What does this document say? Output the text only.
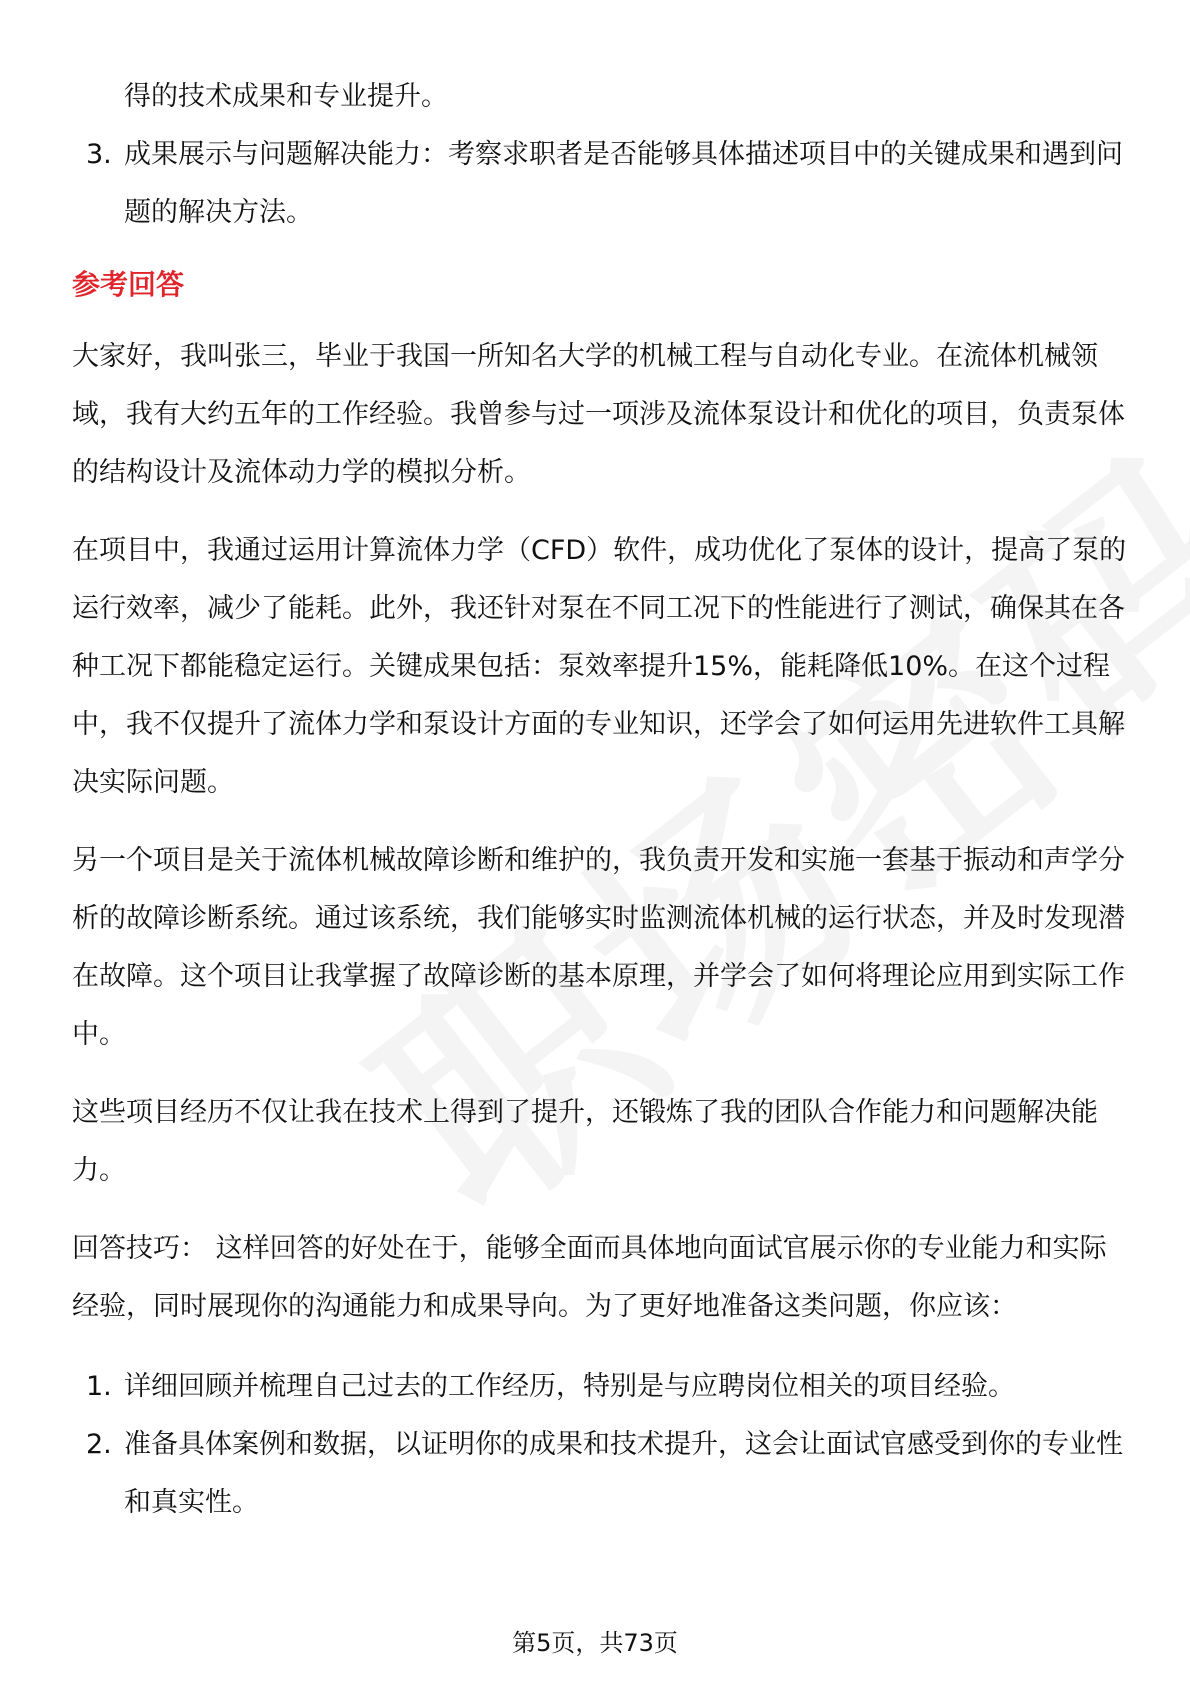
得的技术成果和专业提升。
3. 成果展示与问题解决能力：考察求职者是否能够具体描述项目中的关键成果和遇到问题的解决方法。
参考回答

大家好，我叫张三，毕业于我国一所知名大学的机械工程与自动化专业。在流体机械领域，我有大约五年的工作经验。我曾参与过一项涉及流体泵设计和优化的项目，负责泵体的结构设计及流体动力学的模拟分析。

在项目中，我通过运用计算流体力学（CFD）软件，成功优化了泵体的设计，提高了泵的运行效率，减少了能耗。此外，我还针对泵在不同工况下的性能进行了测试，确保其在各种工况下都能稳定运行。关键成果包括：泵效率提升15%，能耗降低10%。在这个过程中，我不仅提升了流体力学和泵设计方面的专业知识，还学会了如何运用先进软件工具解决实际问题。

另一个项目是关于流体机械故障诊断和维护的，我负责开发和实施一套基于振动和声学分析的故障诊断系统。通过该系统，我们能够实时监测流体机械的运行状态，并及时发现潜在故障。这个项目让我掌握了故障诊断的基本原理，并学会了如何将理论应用到实际工作中。

这些项目经历不仅让我在技术上得到了提升，还锻炼了我的团队合作能力和问题解决能力。

回答技巧： 这样回答的好处在于，能够全面而具体地向面试官展示你的专业能力和实际经验，同时展现你的沟通能力和成果导向。为了更好地准备这类问题，你应该：

1. 详细回顾并梳理自己过去的工作经历，特别是与应聘岗位相关的项目经验。
2. 准备具体案例和数据，以证明你的成果和技术提升，这会让面试官感受到你的专业性和真实性。
第5页，共73页
